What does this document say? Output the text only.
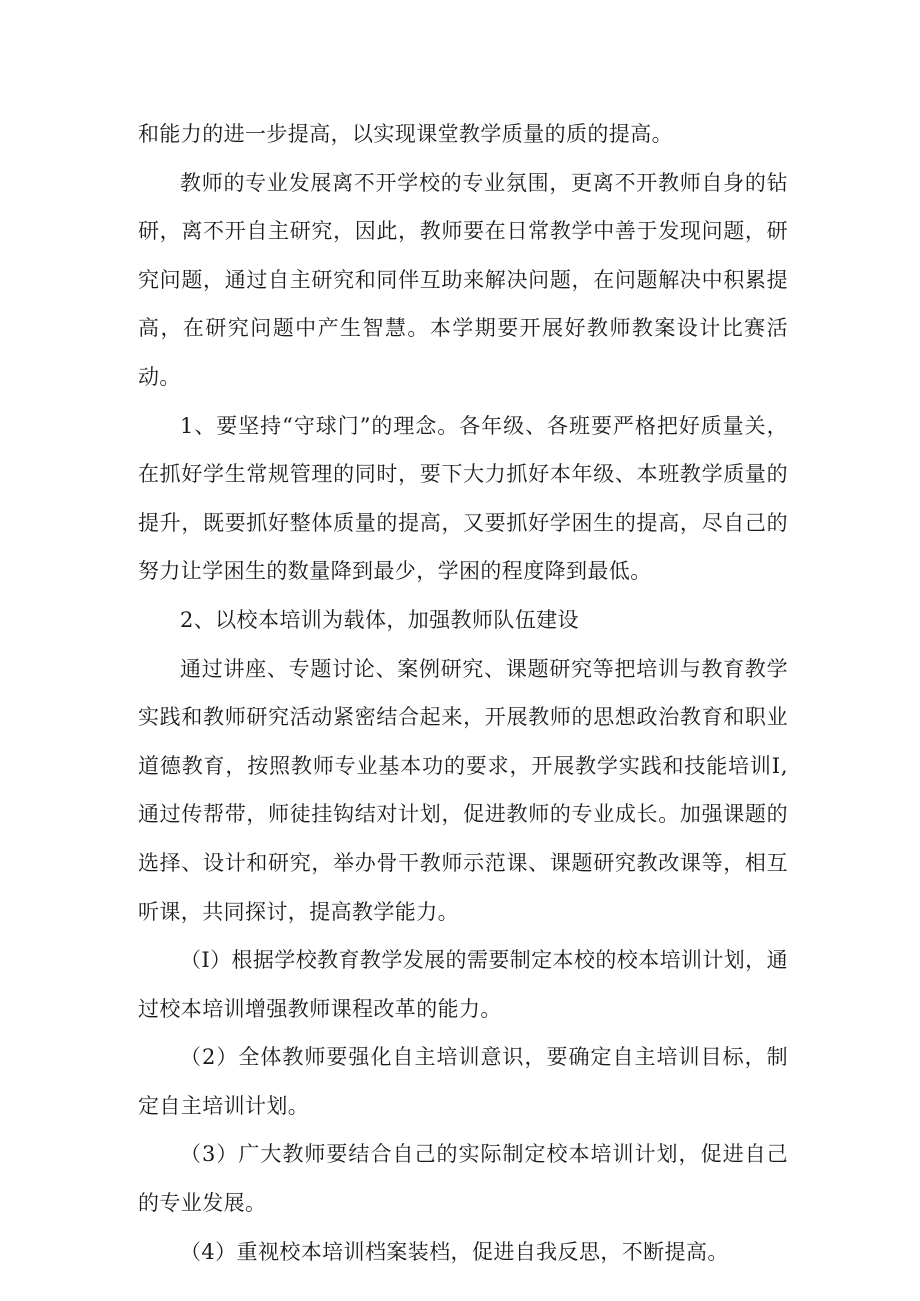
和能力的进一步提高，以实现课堂教学质量的质的提高。

教师的专业发展离不开学校的专业氛围，更离不开教师自身的钻研，离不开自主研究，因此，教师要在日常教学中善于发现问题，研究问题，通过自主研究和同伴互助来解决问题，在问题解决中积累提高，在研究问题中产生智慧。本学期要开展好教师教案设计比赛活动。

1、要坚持“守球门”的理念。各年级、各班要严格把好质量关，在抓好学生常规管理的同时，要下大力抓好本年级、本班教学质量的提升，既要抓好整体质量的提高，又要抓好学困生的提高，尽自己的努力让学困生的数量降到最少，学困的程度降到最低。

2、以校本培训为载体，加强教师队伍建设

通过讲座、专题讨论、案例研究、课题研究等把培训与教育教学实践和教师研究活动紧密结合起来，开展教师的思想政治教育和职业道德教育，按照教师专业基本功的要求，开展教学实践和技能培训Ⅰ,通过传帮带，师徒挂钩结对计划，促进教师的专业成长。加强课题的选择、设计和研究，举办骨干教师示范课、课题研究教改课等，相互听课，共同探讨，提高教学能力。

（Ⅰ）根据学校教育教学发展的需要制定本校的校本培训计划，通过校本培训增强教师课程改革的能力。

（2）全体教师要强化自主培训意识，要确定自主培训目标，制定自主培训计划。

（3）广大教师要结合自己的实际制定校本培训计划，促进自己的专业发展。

（4）重视校本培训档案装档，促进自我反思，不断提高。
